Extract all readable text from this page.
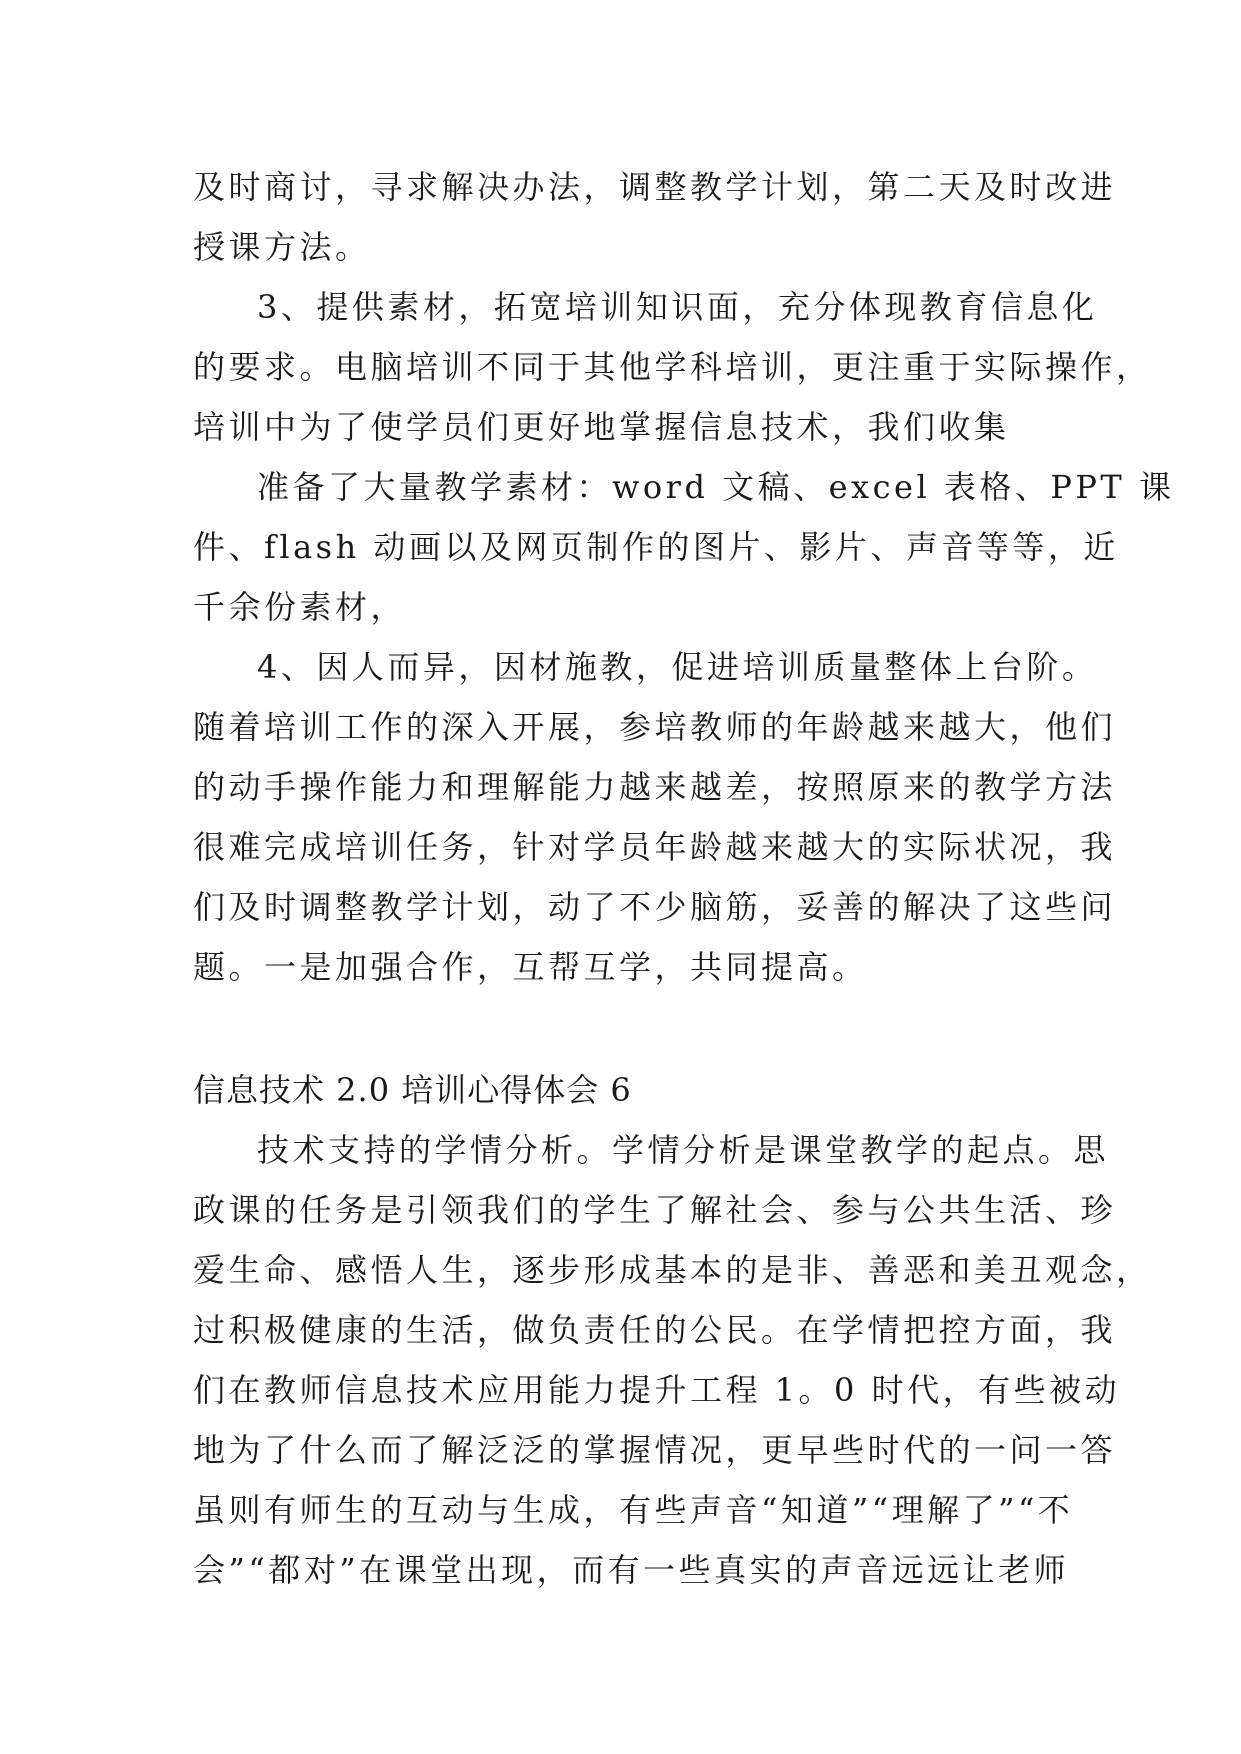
及时商讨，寻求解决办法，调整教学计划，第二天及时改进
授课方法。
3、提供素材，拓宽培训知识面，充分体现教育信息化
的要求。电脑培训不同于其他学科培训，更注重于实际操作，
培训中为了使学员们更好地掌握信息技术，我们收集
准备了大量教学素材：word 文稿、excel 表格、PPT 课
件、flash 动画以及网页制作的图片、影片、声音等等，近
千余份素材，
4、因人而异，因材施教，促进培训质量整体上台阶。
随着培训工作的深入开展，参培教师的年龄越来越大，他们
的动手操作能力和理解能力越来越差，按照原来的教学方法
很难完成培训任务，针对学员年龄越来越大的实际状况，我
们及时调整教学计划，动了不少脑筋，妥善的解决了这些问
题。一是加强合作，互帮互学，共同提高。
信息技术 2.0 培训心得体会 6
技术支持的学情分析。学情分析是课堂教学的起点。思
政课的任务是引领我们的学生了解社会、参与公共生活、珍
爱生命、感悟人生，逐步形成基本的是非、善恶和美丑观念，
过积极健康的生活，做负责任的公民。在学情把控方面，我
们在教师信息技术应用能力提升工程 1。0 时代，有些被动
地为了什么而了解泛泛的掌握情况，更早些时代的一问一答
虽则有师生的互动与生成，有些声音“知道”“理解了”“不
会”“都对”在课堂出现，而有一些真实的声音远远让老师
